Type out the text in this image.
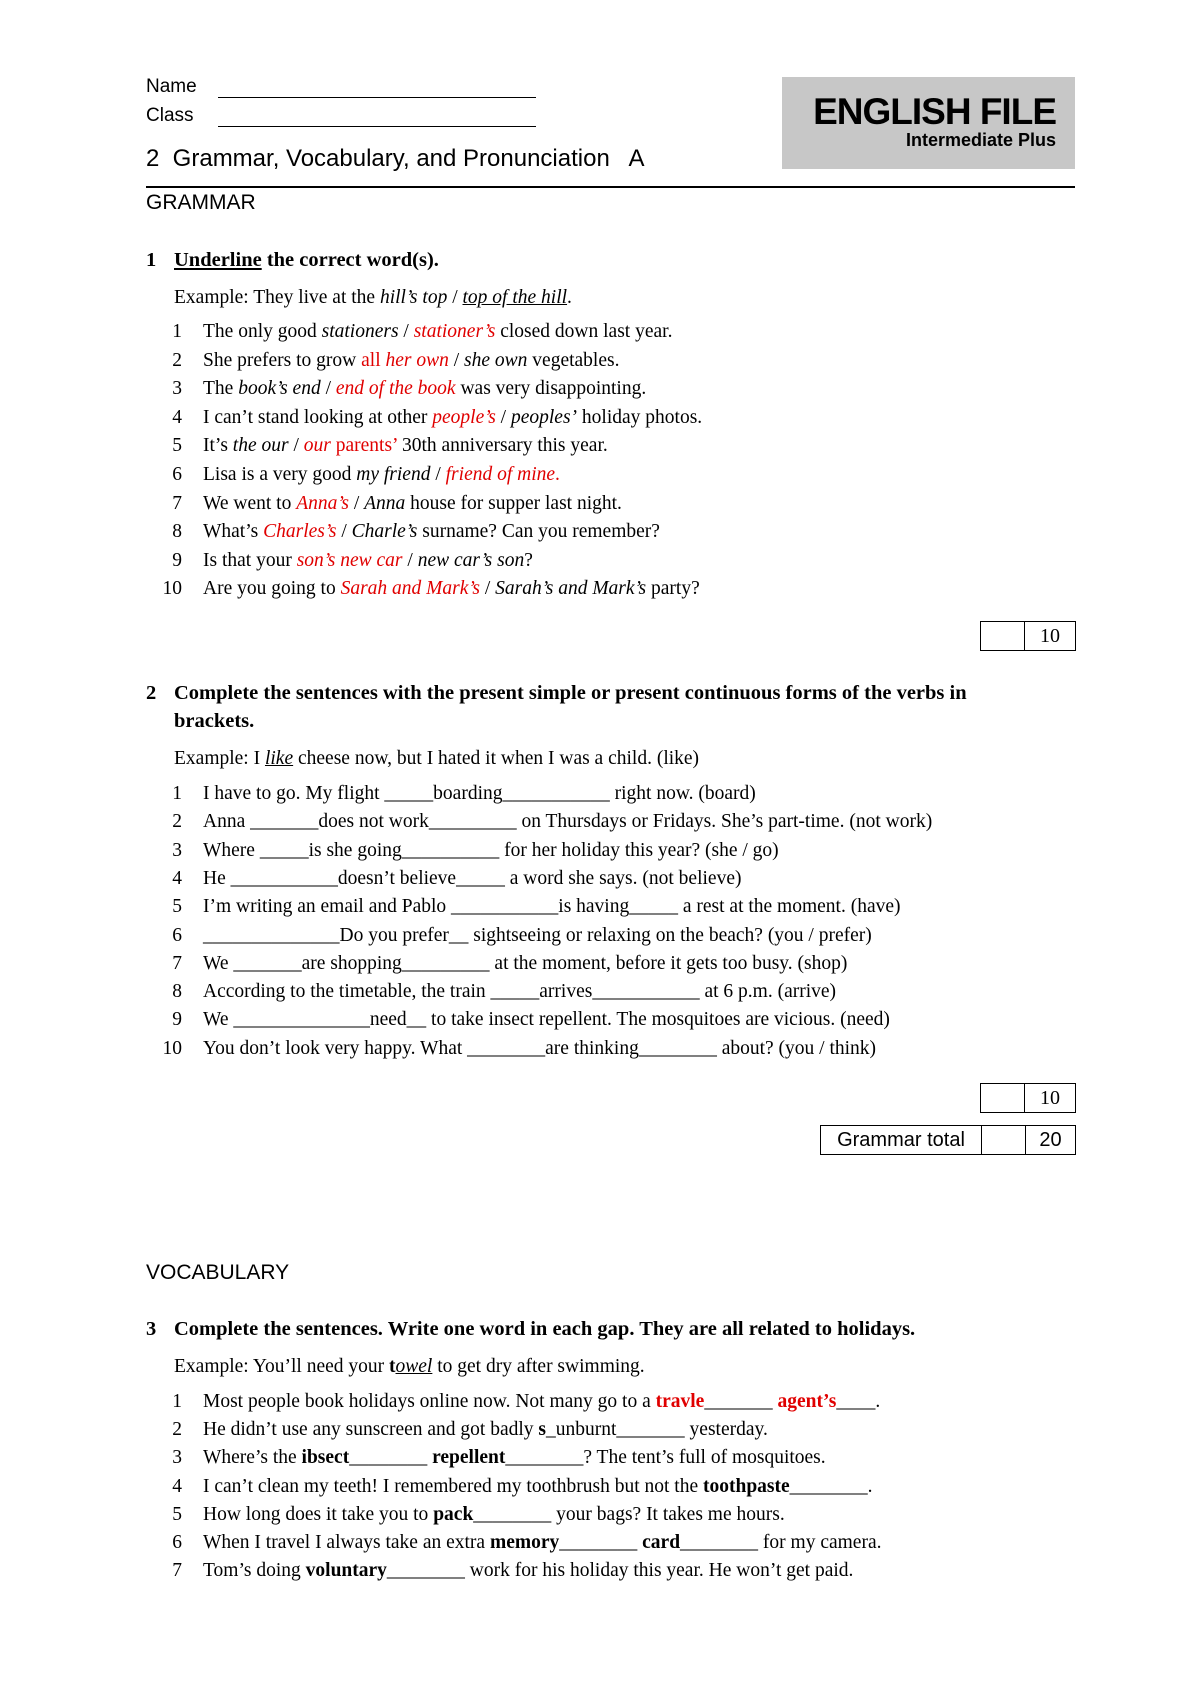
Name
Class	ENGLISH FILE
Intermediate Plus
2  Grammar, Vocabulary, and Pronunciation   A
GRAMMAR
1 Underline the correct word(s).
Example: They live at the hill’s top / top of the hill.
1 The only good stationers / stationer’s closed down last year.
2 She prefers to grow all her own / she own vegetables.
3 The book’s end / end of the book was very disappointing.
4 I can’t stand looking at other people’s / peoples’ holiday photos.
5 It’s the our / our parents’ 30th anniversary this year.
6 Lisa is a very good my friend / friend of mine.
7 We went to Anna’s / Anna house for supper last night.
8 What’s Charles’s / Charle’s surname? Can you remember?
9 Is that your son’s new car / new car’s son?
10 Are you going to Sarah and Mark’s / Sarah’s and Mark’s party?
10
2 Complete the sentences with the present simple or present continuous forms of the verbs in brackets.
Example: I like cheese now, but I hated it when I was a child. (like)
1 I have to go. My flight _____boarding___________ right now. (board)
2 Anna _______does not work_________ on Thursdays or Fridays. She’s part-time. (not work)
3 Where _____is she going__________ for her holiday this year? (she / go)
4 He ___________doesn’t believe_____ a word she says. (not believe)
5 I’m writing an email and Pablo ___________is having_____ a rest at the moment. (have)
6 ______________Do you prefer__ sightseeing or relaxing on the beach? (you / prefer)
7 We _______are shopping_________ at the moment, before it gets too busy. (shop)
8 According to the timetable, the train _____arrives___________ at 6 p.m. (arrive)
9 We ______________need__ to take insect repellent. The mosquitoes are vicious. (need)
10 You don’t look very happy. What ________are thinking________ about? (you / think)
10
Grammar total	20
VOCABULARY
3 Complete the sentences. Write one word in each gap. They are all related to holidays.
Example: You’ll need your towel to get dry after swimming.
1 Most people book holidays online now. Not many go to a travle_______ agent’s____.
2 He didn’t use any sunscreen and got badly s_unburnt_______ yesterday.
3 Where’s the ibsect________ repellent________? The tent’s full of mosquitoes.
4 I can’t clean my teeth! I remembered my toothbrush but not the toothpaste________.
5 How long does it take you to pack________ your bags? It takes me hours.
6 When I travel I always take an extra memory________ card________ for my camera.
7 Tom’s doing voluntary________ work for his holiday this year. He won’t get paid.
